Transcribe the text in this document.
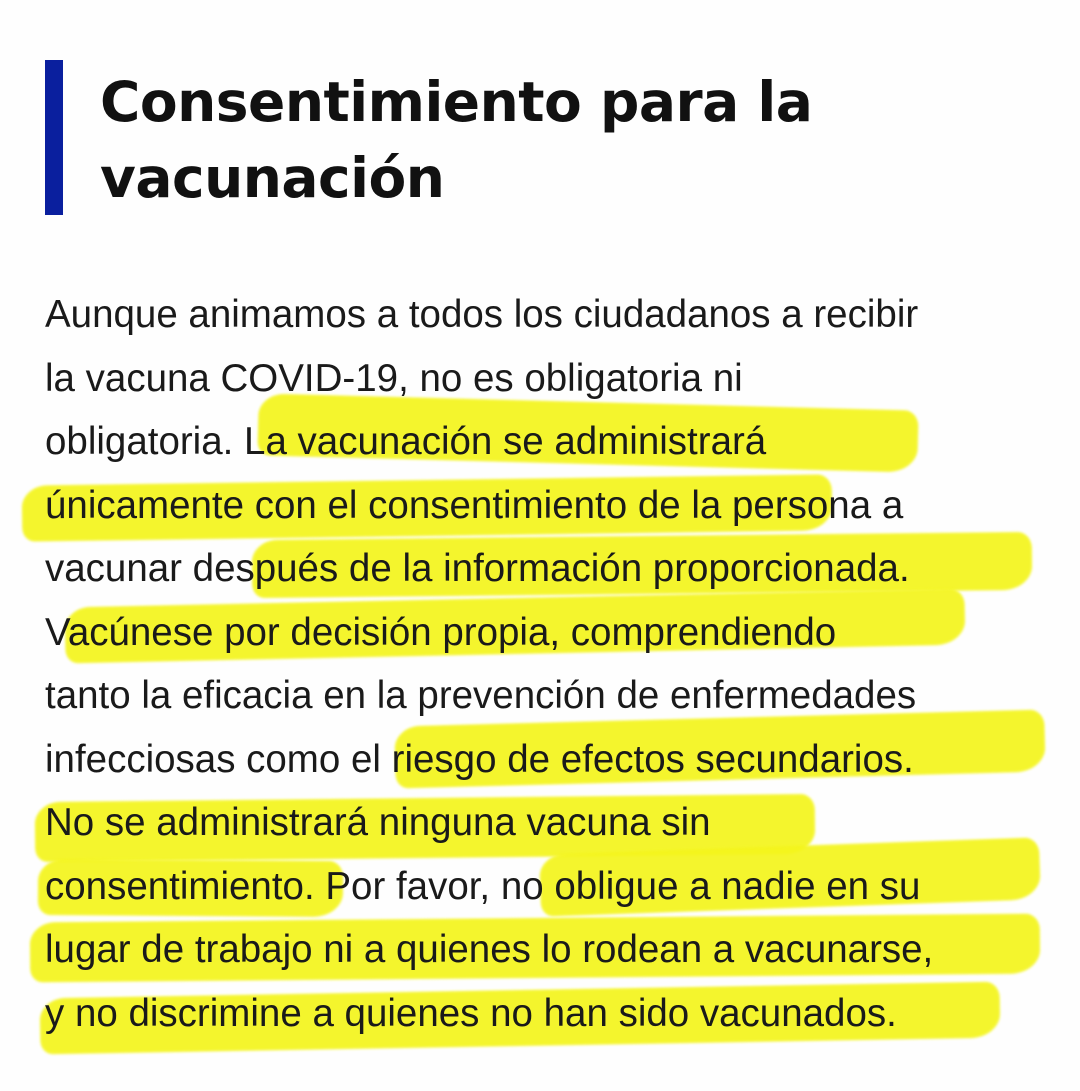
Consentimiento para la
vacunación
Aunque animamos a todos los ciudadanos a recibir
la vacuna COVID-19, no es obligatoria ni
obligatoria. La vacunación se administrará
únicamente con el consentimiento de la persona a
vacunar después de la información proporcionada.
Vacúnese por decisión propia, comprendiendo
tanto la eficacia en la prevención de enfermedades
infecciosas como el riesgo de efectos secundarios.
No se administrará ninguna vacuna sin
consentimiento. Por favor, no obligue a nadie en su
lugar de trabajo ni a quienes lo rodean a vacunarse,
y no discrimine a quienes no han sido vacunados.
